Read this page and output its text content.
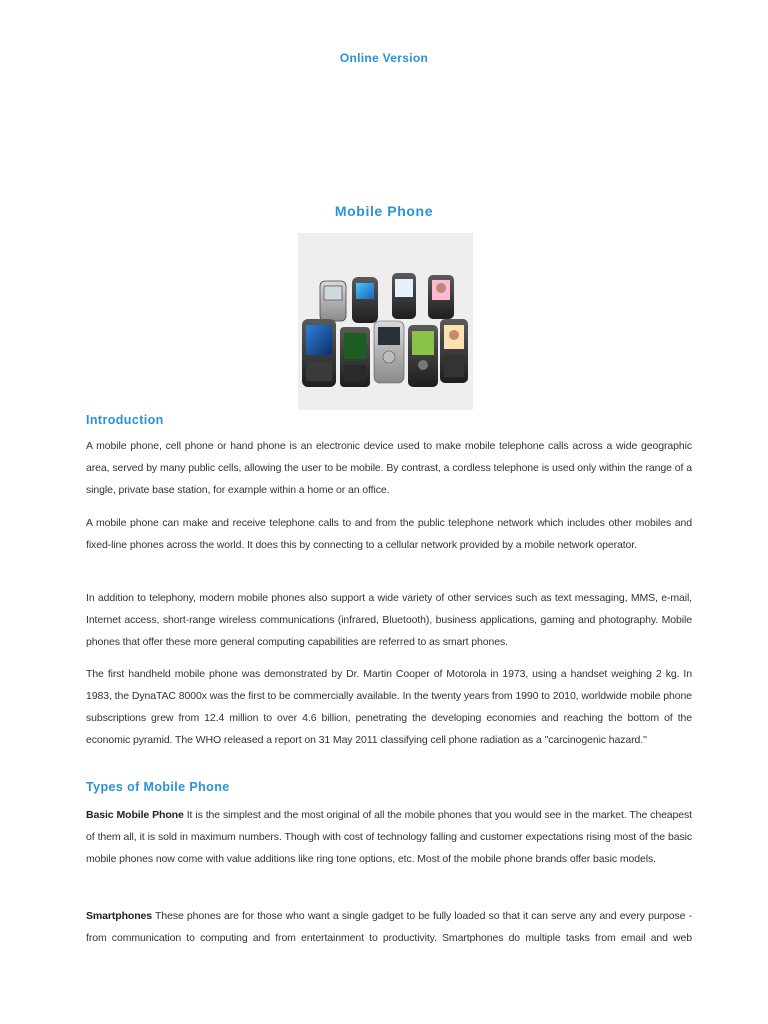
Online Version
Mobile Phone
Introduction

A mobile phone, cell phone or hand phone is an electronic device used to make mobile telephone calls across a wide geographic area, served by many public cells, allowing the user to be mobile. By contrast, a cordless telephone is used only within the range of a single, private base station, for example within a home or an office.

A mobile phone can make and receive telephone calls to and from the public telephone network which includes other mobiles and fixed-line phones across the world. It does this by connecting to a cellular network provided by a mobile network operator.

In addition to telephony, modern mobile phones also support a wide variety of other services such as text messaging, MMS, e-mail, Internet access, short-range wireless communications (infrared, Bluetooth), business applications, gaming and photography. Mobile phones that offer these more general computing capabilities are referred to as smart phones.

The first handheld mobile phone was demonstrated by Dr. Martin Cooper of Motorola in 1973, using a handset weighing 2 kg. In 1983, the DynaTAC 8000x was the first to be commercially available. In the twenty years from 1990 to 2010, worldwide mobile phone subscriptions grew from 12.4 million to over 4.6 billion, penetrating the developing economies and reaching the bottom of the economic pyramid. The WHO released a report on 31 May 2011 classifying cell phone radiation as a "carcinogenic hazard."

Types of Mobile Phone

Basic Mobile Phone It is the simplest and the most original of all the mobile phones that you would see in the market. The cheapest of them all, it is sold in maximum numbers. Though with cost of technology falling and customer expectations rising most of the basic mobile phones now come with value additions like ring tone options, etc. Most of the mobile phone brands offer basic models.

Smartphones These phones are for those who want a single gadget to be fully loaded so that it can serve any and every purpose - from communication to computing and from entertainment to productivity. Smartphones do multiple tasks from email and web
